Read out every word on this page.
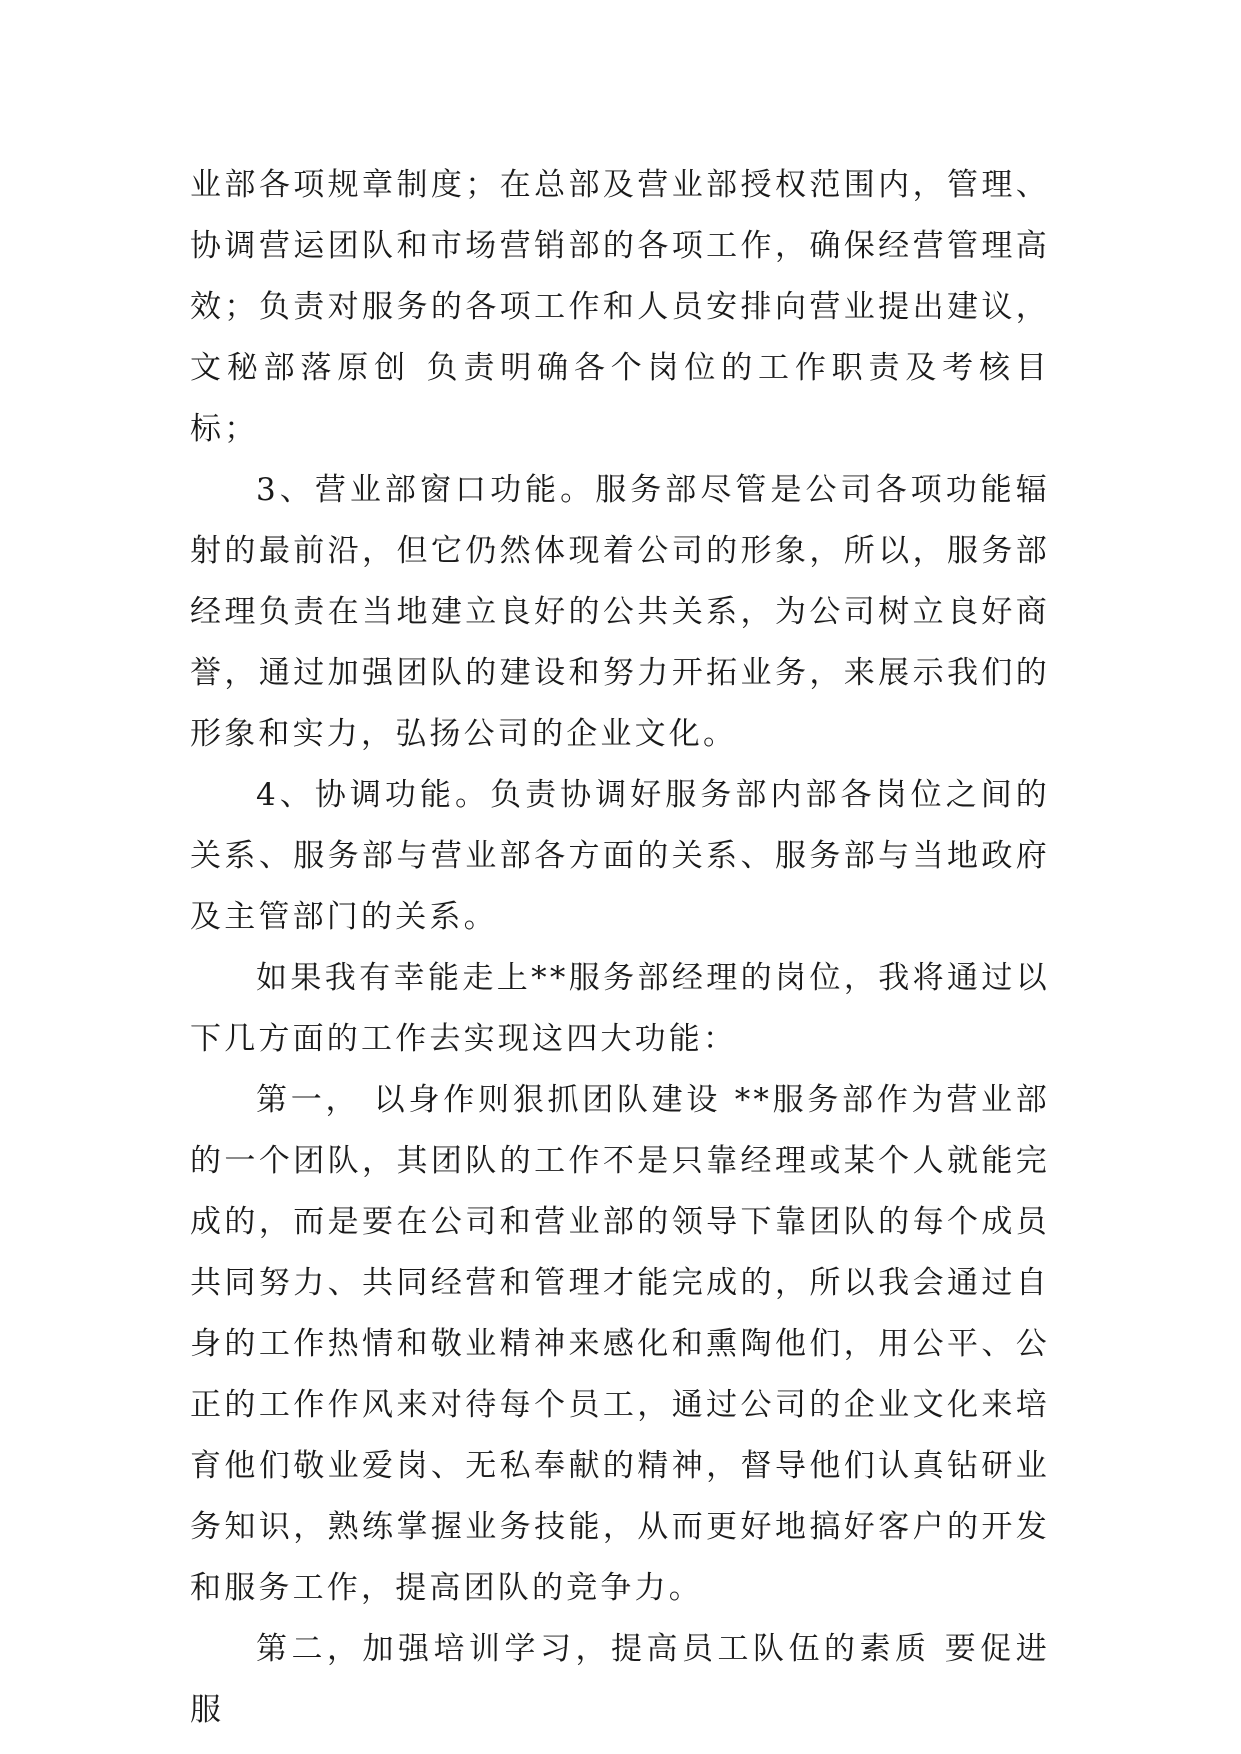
业部各项规章制度；在总部及营业部授权范围内，管理、协调营运团队和市场营销部的各项工作，确保经营管理高效；负责对服务的各项工作和人员安排向营业提出建议，文秘部落原创 负责明确各个岗位的工作职责及考核目标；

3、营业部窗口功能。服务部尽管是公司各项功能辐射的最前沿，但它仍然体现着公司的形象，所以，服务部经理负责在当地建立良好的公共关系，为公司树立良好商誉，通过加强团队的建设和努力开拓业务，来展示我们的形象和实力，弘扬公司的企业文化。

4、协调功能。负责协调好服务部内部各岗位之间的关系、服务部与营业部各方面的关系、服务部与当地政府及主管部门的关系。

如果我有幸能走上**服务部经理的岗位，我将通过以下几方面的工作去实现这四大功能：

第一， 以身作则狠抓团队建设 **服务部作为营业部的一个团队，其团队的工作不是只靠经理或某个人就能完成的，而是要在公司和营业部的领导下靠团队的每个成员共同努力、共同经营和管理才能完成的，所以我会通过自身的工作热情和敬业精神来感化和熏陶他们，用公平、公正的工作作风来对待每个员工，通过公司的企业文化来培育他们敬业爱岗、无私奉献的精神，督导他们认真钻研业务知识，熟练掌握业务技能，从而更好地搞好客户的开发和服务工作，提高团队的竞争力。

第二，加强培训学习，提高员工队伍的素质 要促进服
